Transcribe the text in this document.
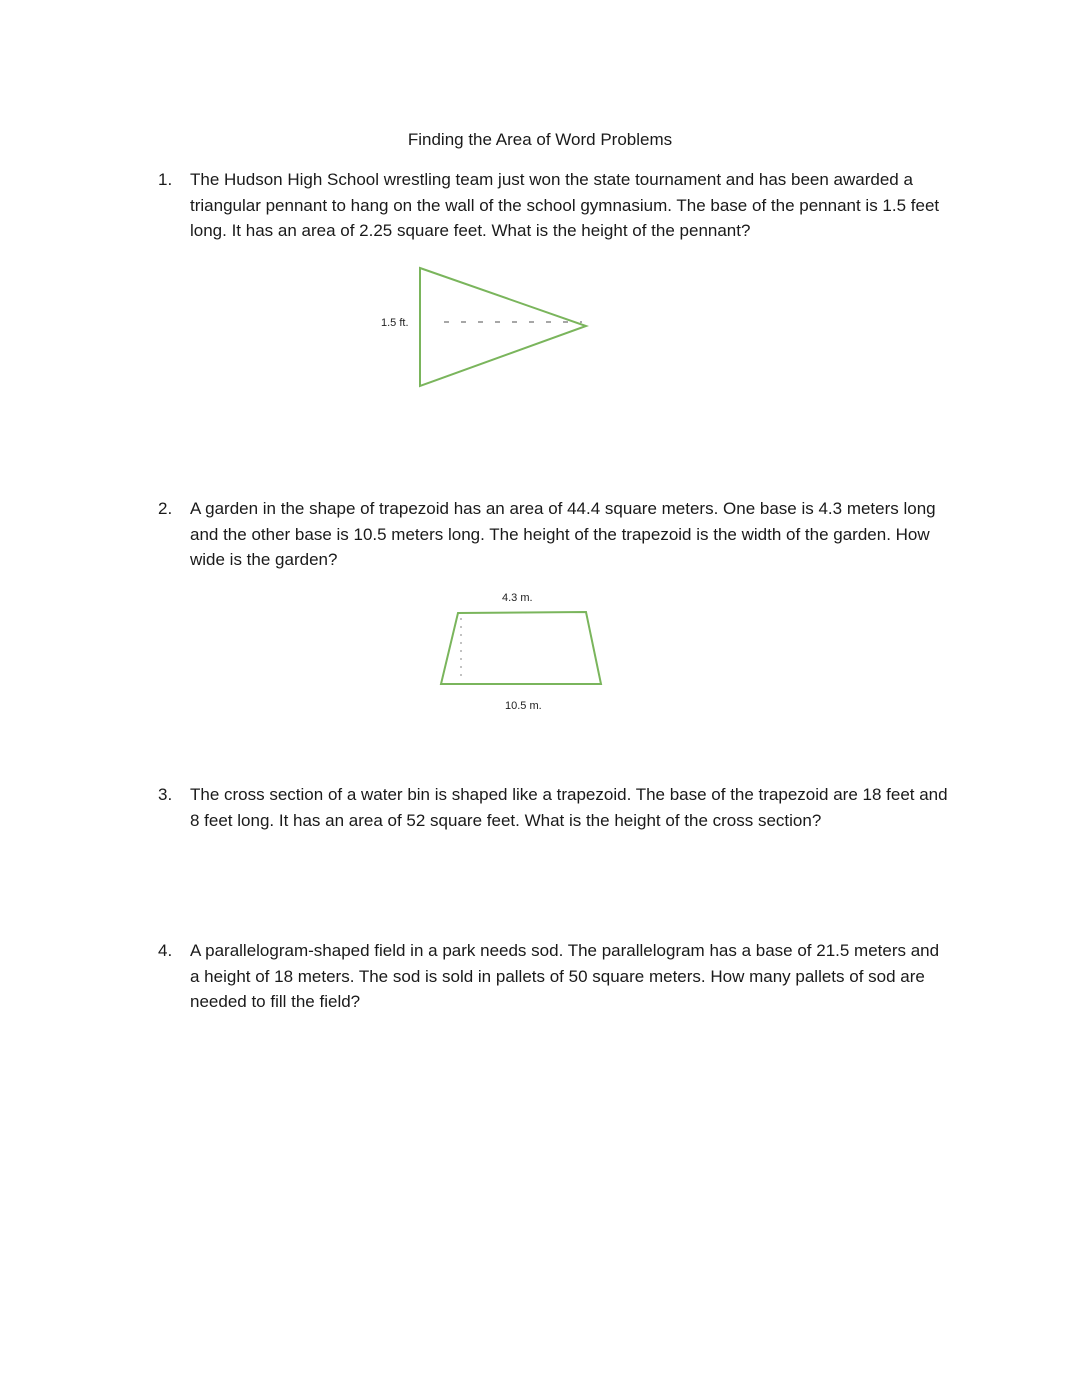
Finding the Area of Word Problems
1.	The Hudson High School wrestling team just won the state tournament and has been awarded a triangular pennant to hang on the wall of the school gymnasium. The base of the pennant is 1.5 feet long. It has an area of 2.25 square feet. What is the height of the pennant?
1.5 ft.
2.	A garden in the shape of trapezoid has an area of 44.4 square meters. One base is 4.3 meters long and the other base is 10.5 meters long. The height of the trapezoid is the width of the garden. How wide is the garden?
4.3 m.
10.5 m.
3.	The cross section of a water bin is shaped like a trapezoid. The base of the trapezoid are 18 feet and 8 feet long. It has an area of 52 square feet. What is the height of the cross section?
4.	A parallelogram-shaped field in a park needs sod. The parallelogram has a base of 21.5 meters and a height of 18 meters. The sod is sold in pallets of 50 square meters. How many pallets of sod are needed to fill the field?
